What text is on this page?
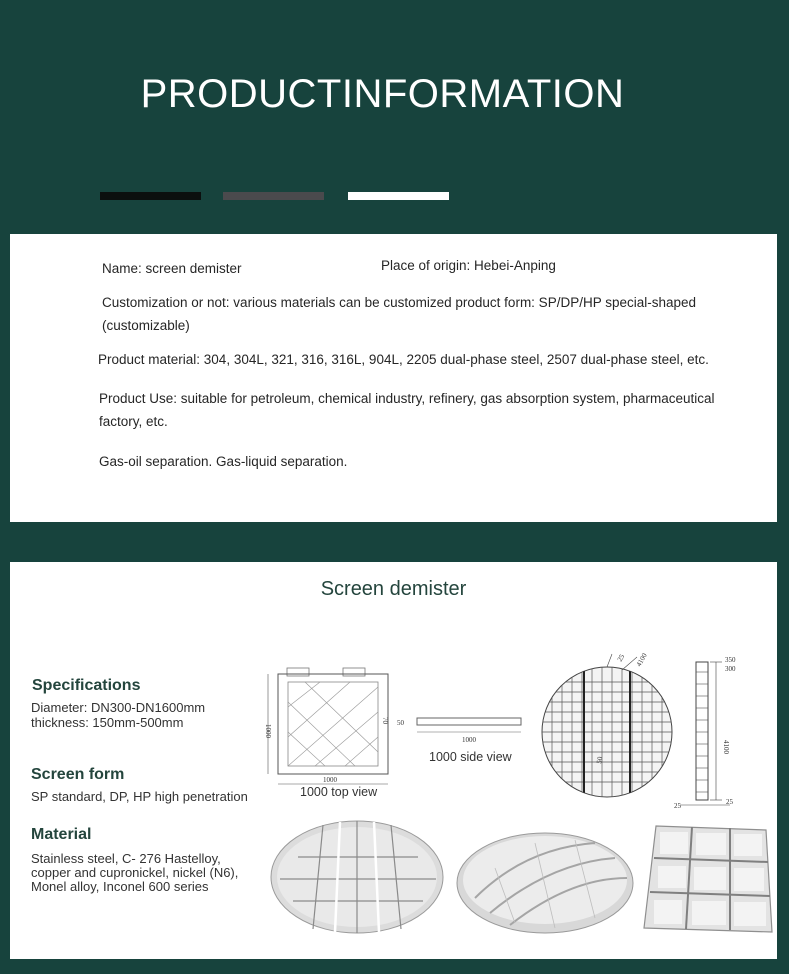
PRODUCTINFORMATION
Name: screen demister	Place of origin: Hebei-Anping
Customization or not: various materials can be customized product form: SP/DP/HP special-shaped
(customizable)
Product material: 304, 304L, 321, 316, 316L, 904L, 2205 dual-phase steel, 2507 dual-phase steel, etc.
Product Use: suitable for petroleum, chemical industry, refinery, gas absorption system, pharmaceutical
factory, etc.
Gas-oil separation. Gas-liquid separation.
Screen demister
Specifications
Diameter: DN300-DN1600mm
thickness: 150mm-500mm
Screen form
SP standard, DP, HP high penetration
Material
Stainless steel, C- 276 Hastelloy,
copper and cupronickel, nickel (N6),
Monel alloy, Inconel 600 series
1000
1000
70
1000 top view
1000
50
1000 side view
25 4100
50
350
300
4100
25	25
